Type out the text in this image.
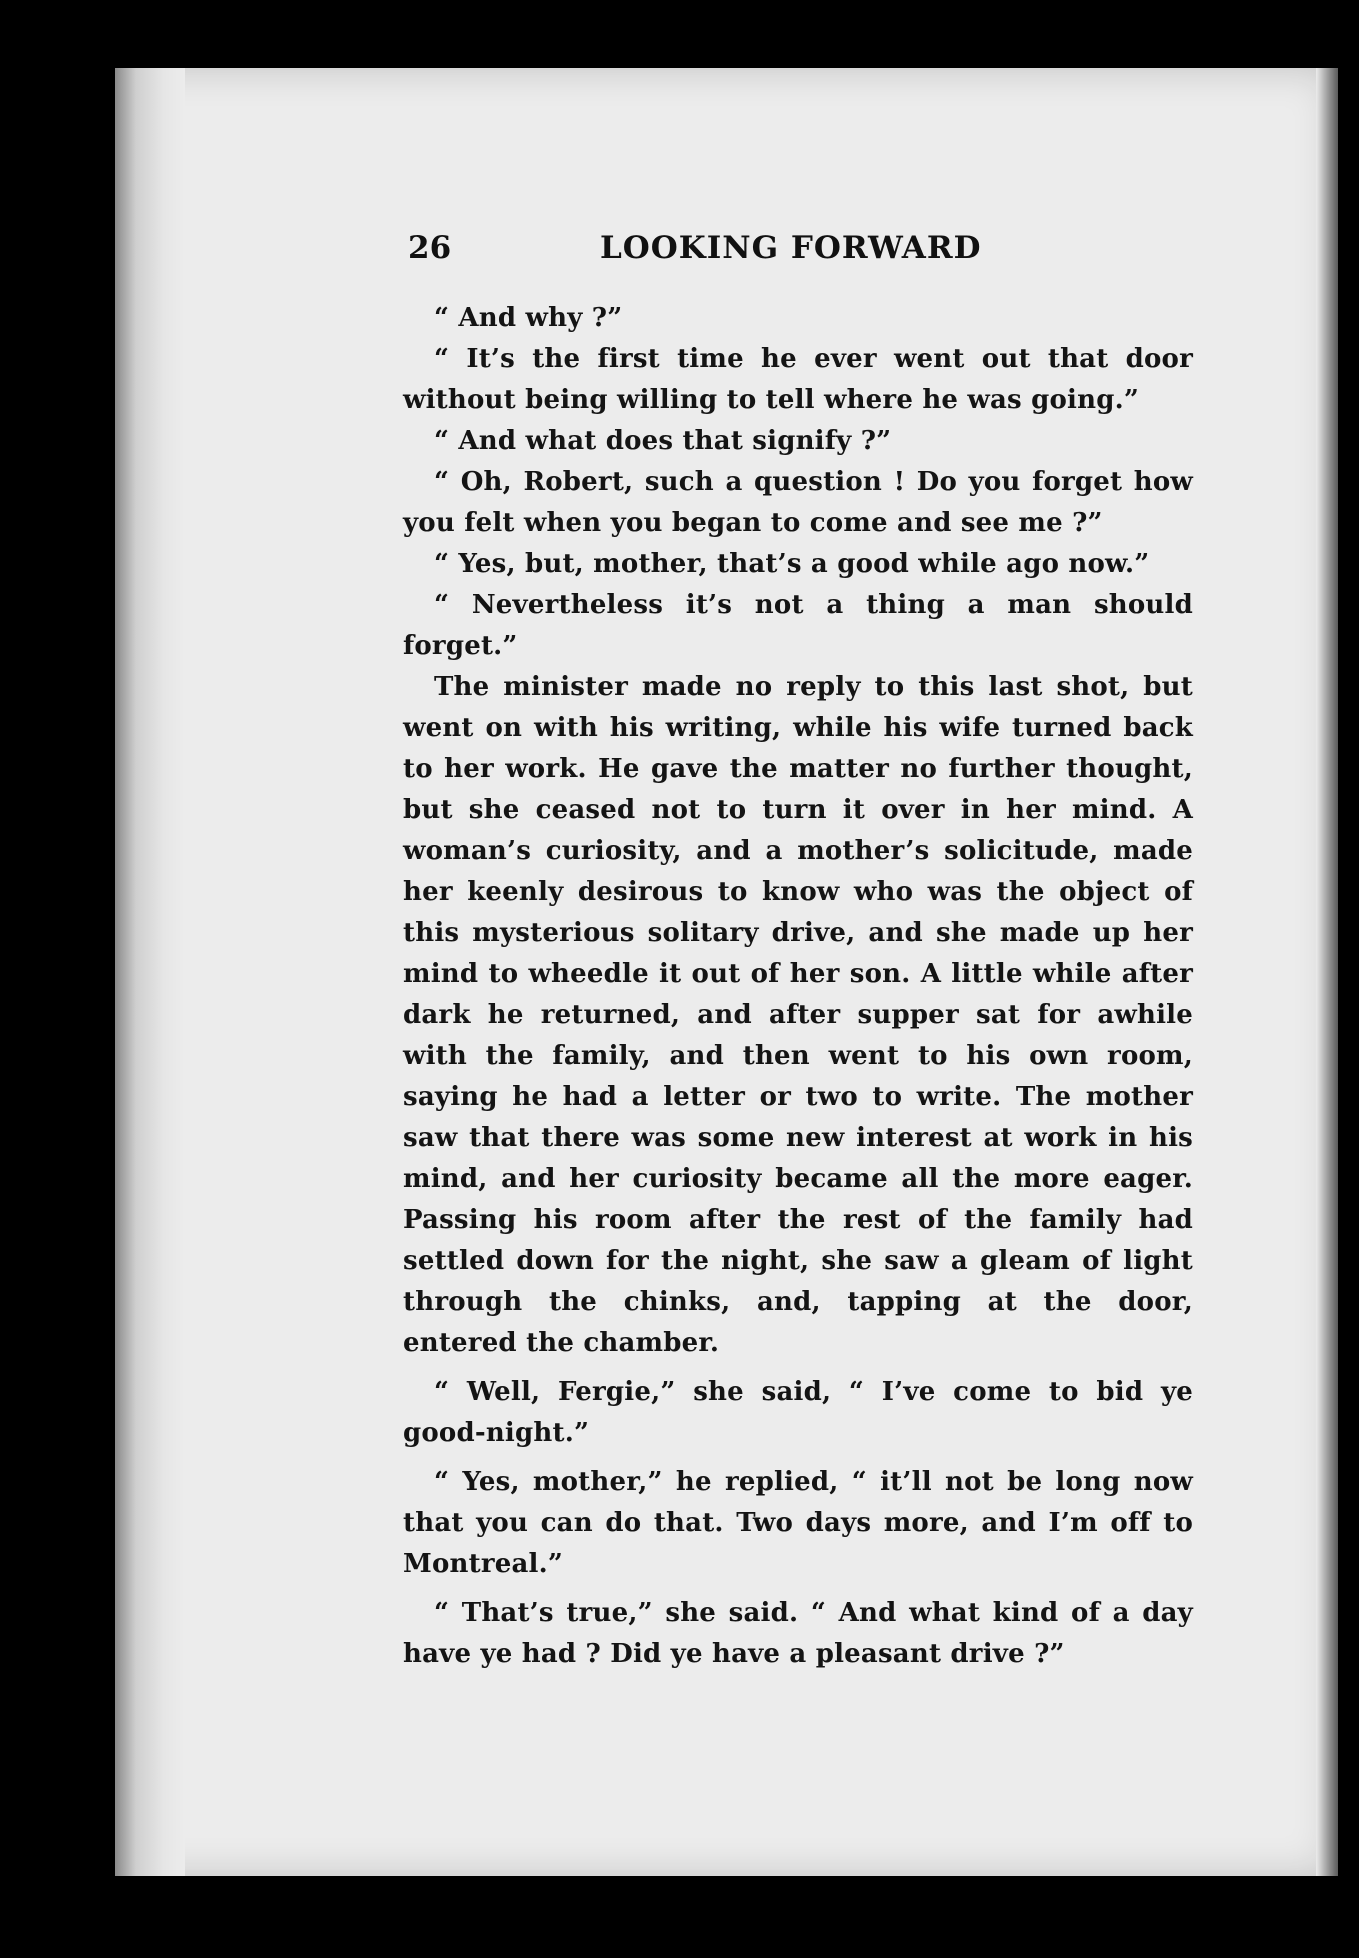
26	LOOKING FORWARD

“ And why ?”

“ It’s the first time he ever went out that door without being willing to tell where he was going.”

“ And what does that signify ?”

“ Oh, Robert, such a question ! Do you forget how you felt when you began to come and see me ?”

“ Yes, but, mother, that’s a good while ago now.”

“ Nevertheless it’s not a thing a man should forget.”

The minister made no reply to this last shot, but went on with his writing, while his wife turned back to her work. He gave the matter no further thought, but she ceased not to turn it over in her mind. A woman’s curiosity, and a mother’s solicitude, made her keenly desirous to know who was the object of this mysterious solitary drive, and she made up her mind to wheedle it out of her son. A little while after dark he returned, and after supper sat for awhile with the family, and then went to his own room, saying he had a letter or two to write. The mother saw that there was some new interest at work in his mind, and her curiosity became all the more eager. Passing his room after the rest of the family had settled down for the night, she saw a gleam of light through the chinks, and, tapping at the door, entered the chamber.

“ Well, Fergie,” she said, “ I’ve come to bid ye good-night.”

“ Yes, mother,” he replied, “ it’ll not be long now that you can do that. Two days more, and I’m off to Montreal.”

“ That’s true,” she said. “ And what kind of a day have ye had ? Did ye have a pleasant drive ?”
